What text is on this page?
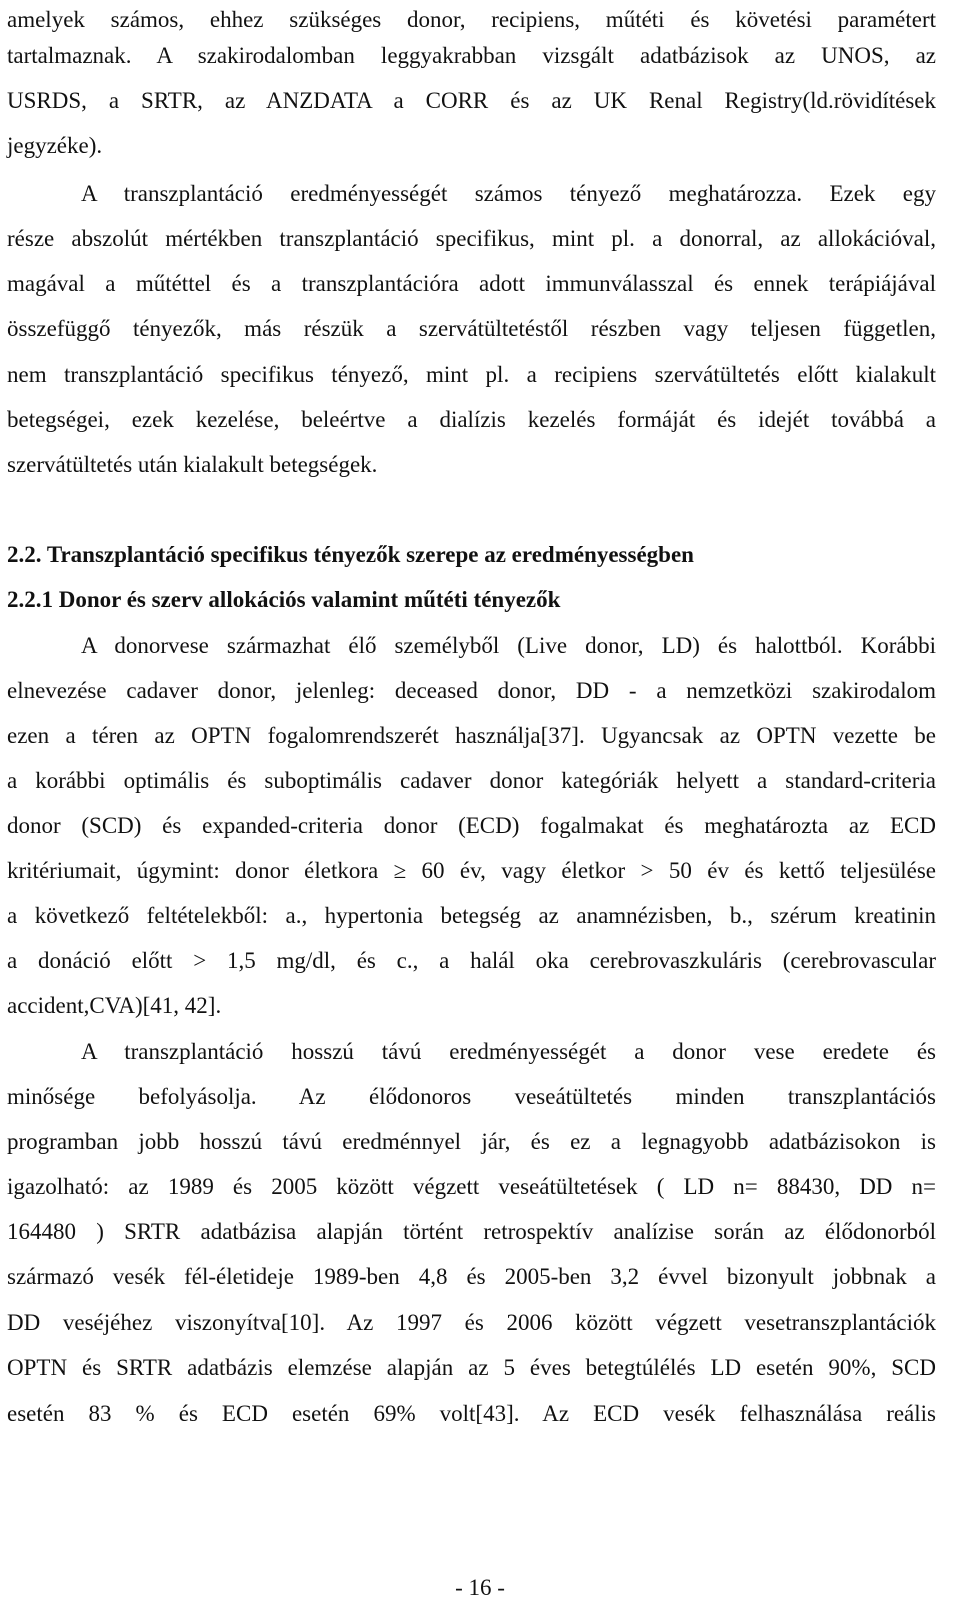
amelyek számos, ehhez szükséges donor, recipiens, műtéti és követési paramétert
tartalmaznak. A szakirodalomban leggyakrabban vizsgált adatbázisok az UNOS, az
USRDS, a SRTR, az ANZDATA a CORR és az UK Renal Registry(ld.rövidítések
jegyzéke).
A transzplantáció eredményességét számos tényező meghatározza. Ezek egy
része abszolút mértékben transzplantáció specifikus, mint pl. a donorral, az allokációval,
magával a műtéttel és a transzplantációra adott immunválasszal és ennek terápiájával
összefüggő tényezők, más részük a szervátültetéstől részben vagy teljesen független,
nem transzplantáció specifikus tényező, mint pl. a recipiens szervátültetés előtt kialakult
betegségei, ezek kezelése, beleértve a dialízis kezelés formáját és idejét továbbá a
szervátültetés után kialakult betegségek.
2.2. Transzplantáció specifikus tényezők szerepe az eredményességben
2.2.1 Donor és szerv allokációs valamint műtéti tényezők
A donorvese származhat élő személyből (Live donor, LD) és halottból. Korábbi
elnevezése cadaver donor, jelenleg: deceased donor, DD - a nemzetközi szakirodalom
ezen a téren az OPTN fogalomrendszerét használja[37]. Ugyancsak az OPTN vezette be
a korábbi optimális és suboptimális cadaver donor kategóriák helyett a standard-criteria
donor (SCD) és expanded-criteria donor (ECD) fogalmakat és meghatározta az ECD
kritériumait, úgymint: donor életkora ≥ 60 év, vagy életkor > 50 év és kettő teljesülése
a következő feltételekből: a., hypertonia betegség az anamnézisben, b., szérum kreatinin
a donáció előtt > 1,5 mg/dl, és c., a halál oka cerebrovaszkuláris (cerebrovascular
accident,CVA)[41, 42].
A transzplantáció hosszú távú eredményességét a donor vese eredete és
minősége befolyásolja. Az élődonoros veseátültetés minden transzplantációs
programban jobb hosszú távú eredménnyel jár, és ez a legnagyobb adatbázisokon is
igazolható: az 1989 és 2005 között végzett veseátültetések ( LD n= 88430, DD n=
164480 ) SRTR adatbázisa alapján történt retrospektív analízise során az élődonorból
származó vesék fél-életideje 1989-ben 4,8 és 2005-ben 3,2 évvel bizonyult jobbnak a
DD veséjéhez viszonyítva[10]. Az 1997 és 2006 között végzett vesetranszplantációk
OPTN és SRTR adatbázis elemzése alapján az 5 éves betegtúlélés LD esetén 90%, SCD
esetén 83 % és ECD esetén 69% volt[43]. Az ECD vesék felhasználása reális
- 16 -
